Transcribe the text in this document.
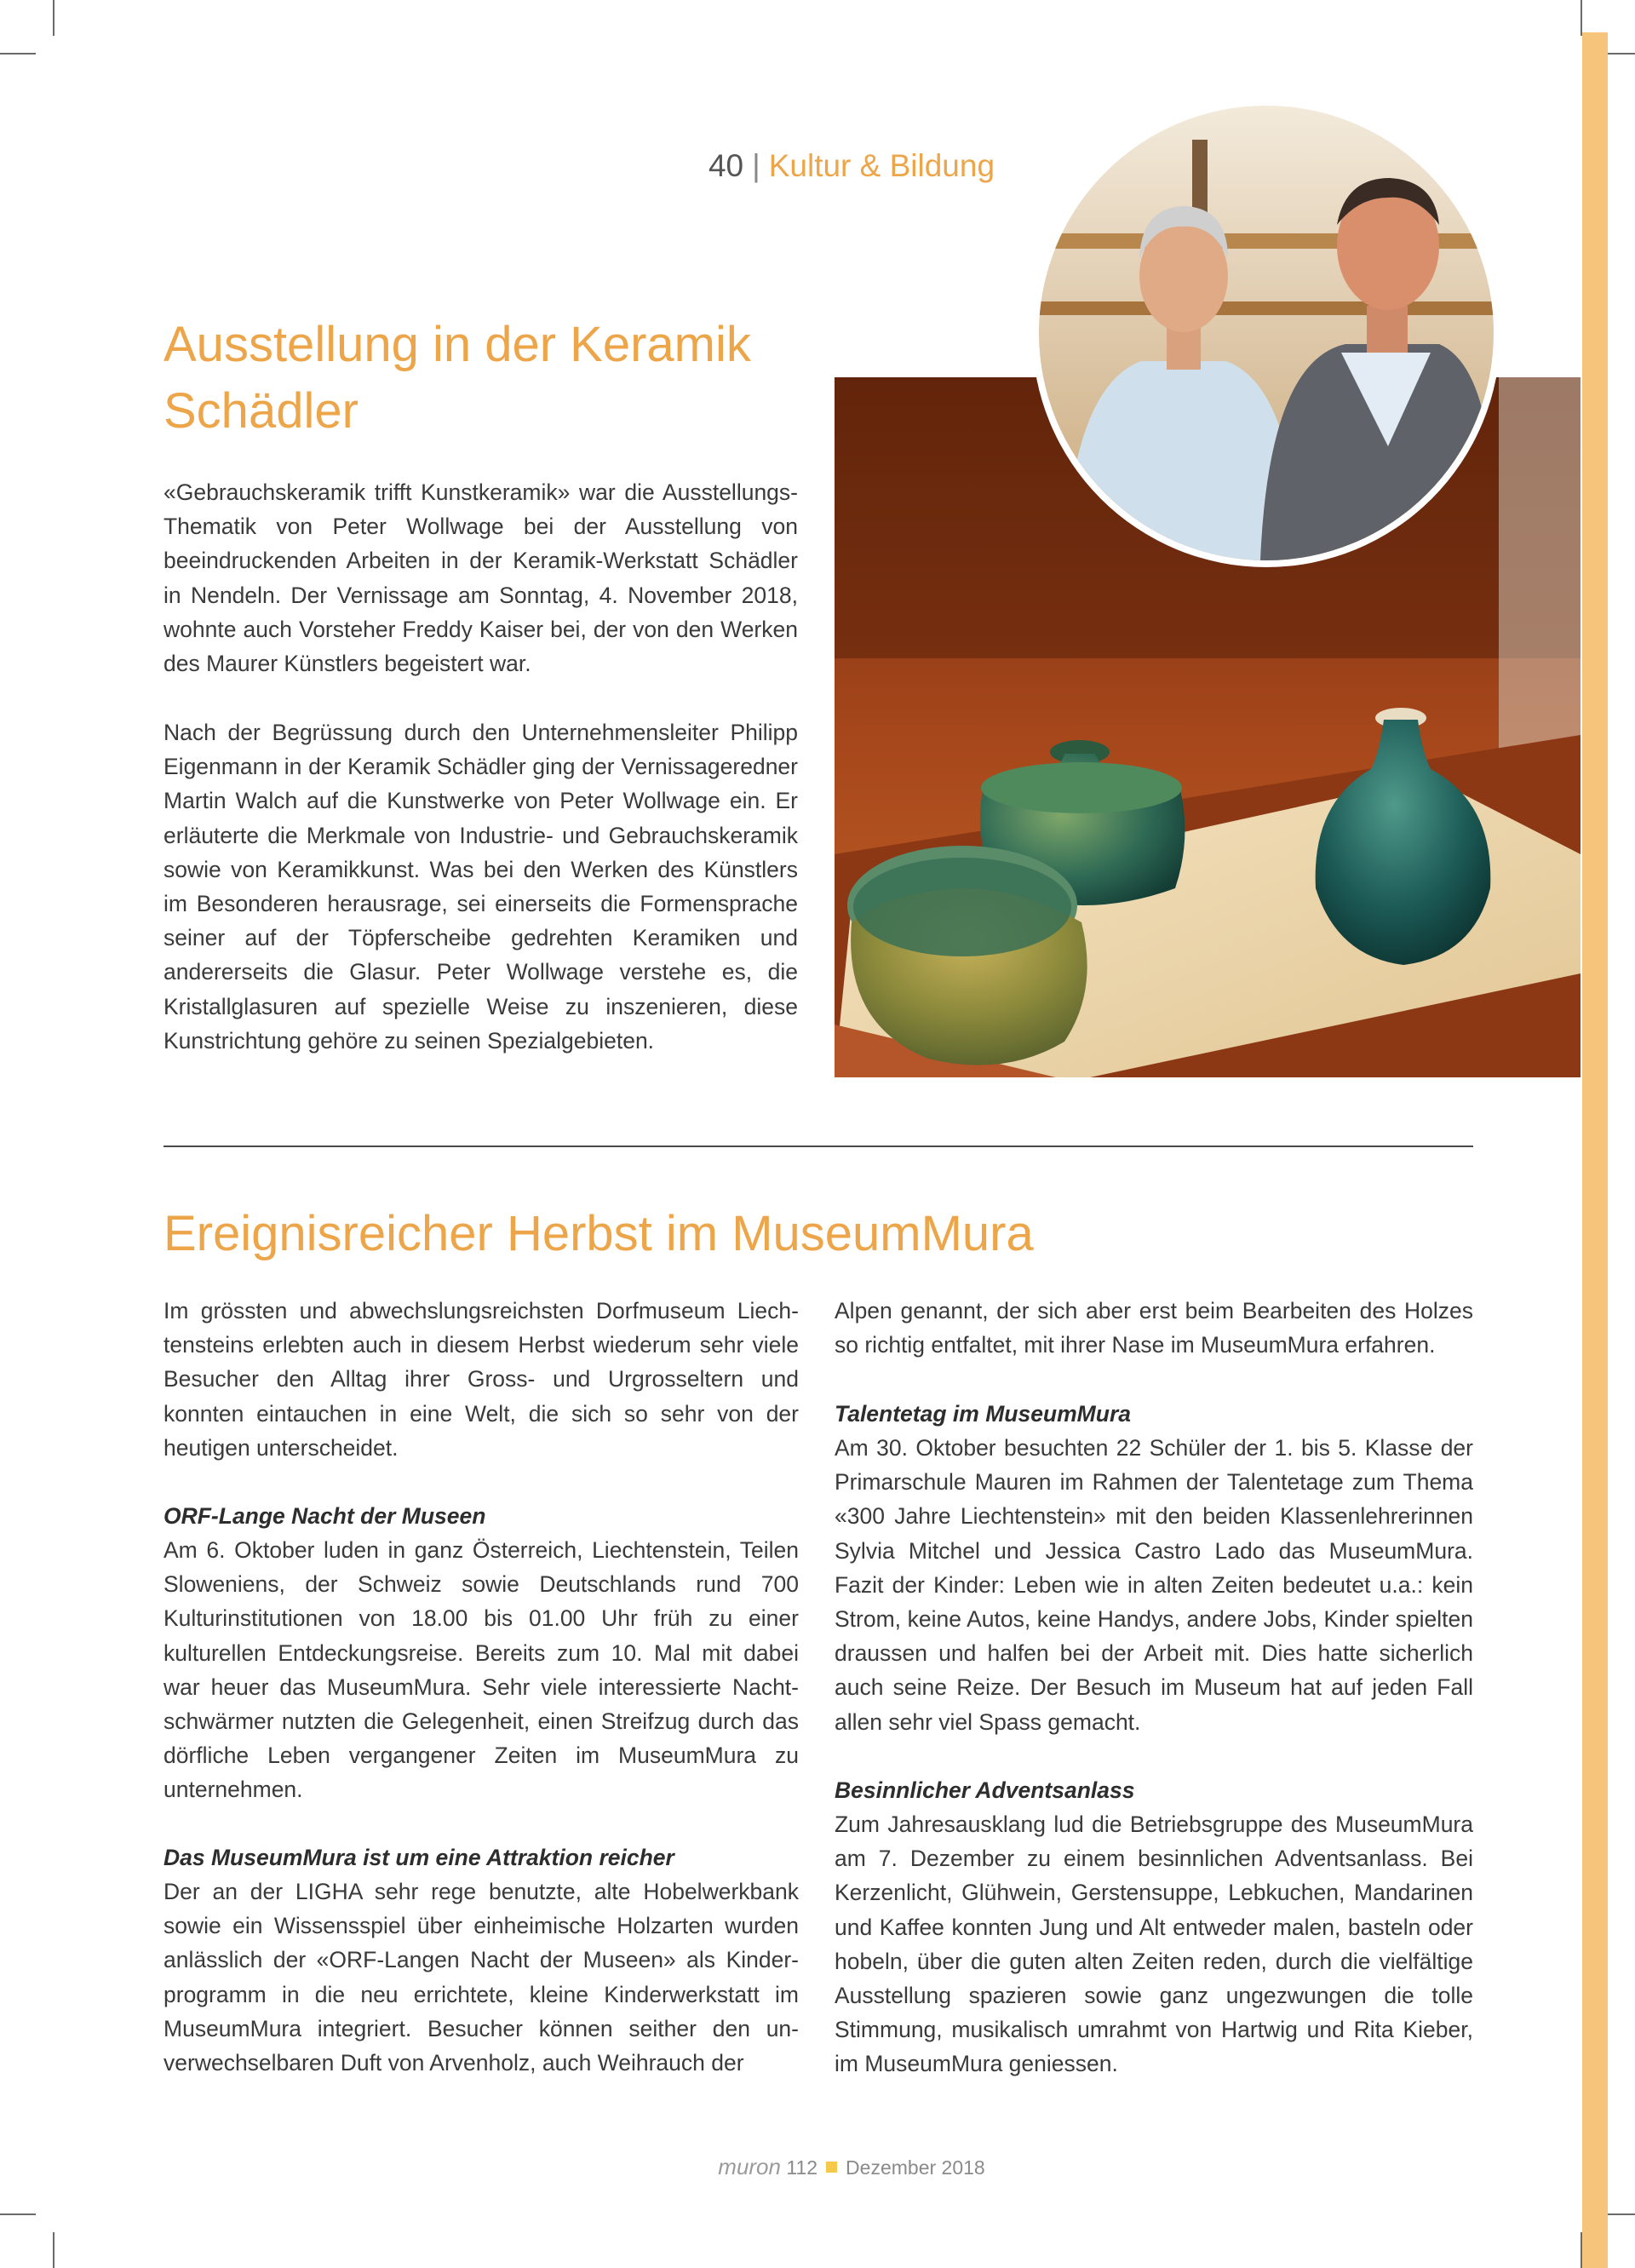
40 | Kultur & Bildung
Ausstellung in der Keramik
Schädler

«Gebrauchskeramik trifft Kunstkeramik» war die Ausstellungs-Thematik von Peter Wollwage bei der Ausstellung von beeindruckenden Arbeiten in der Keramik-Werkstatt Schädler in Nendeln. Der Vernissage am Sonntag, 4. November 2018, wohnte auch Vorsteher Freddy Kaiser bei, der von den Werken des Maurer Künstlers begeistert war.

Nach der Begrüssung durch den Unternehmensleiter Philipp Eigenmann in der Keramik Schädler ging der Vernissageredner Martin Walch auf die Kunstwerke von Peter Wollwage ein. Er erläuterte die Merkmale von Industrie- und Gebrauchskeramik sowie von Keramikkunst. Was bei den Werken des Künstlers im Besonderen herausrage, sei einerseits die Formensprache seiner auf der Töpferscheibe gedrehten Keramiken und andererseits die Glasur. Peter Wollwage verstehe es, die Kristallglasuren auf spezielle Weise zu inszenieren, diese Kunstrichtung gehöre zu seinen Spezialgebieten.

Ereignisreicher Herbst im MuseumMura

Im grössten und abwechslungsreichsten Dorfmuseum Liechtensteins erlebten auch in diesem Herbst wiederum sehr viele Besucher den Alltag ihrer Gross- und Urgrosseltern und konnten eintauchen in eine Welt, die sich so sehr von der heutigen unterscheidet.

ORF-Lange Nacht der Museen

Am 6. Oktober luden in ganz Österreich, Liechtenstein, Teilen Sloweniens, der Schweiz sowie Deutschlands rund 700 Kulturinstitutionen von 18.00 bis 01.00 Uhr früh zu einer kulturellen Entdeckungsreise. Bereits zum 10. Mal mit dabei war heuer das MuseumMura. Sehr viele interessierte Nachtschwärmer nutzten die Gelegenheit, einen Streifzug durch das dörfliche Leben vergangener Zeiten im MuseumMura zu unternehmen.

Das MuseumMura ist um eine Attraktion reicher

Der an der LIGHA sehr rege benutzte, alte Hobelwerkbank sowie ein Wissensspiel über einheimische Holzarten wurden anlässlich der «ORF-Langen Nacht der Museen» als Kinderprogramm in die neu errichtete, kleine Kinderwerkstatt im MuseumMura integriert. Besucher können seither den unverwechselbaren Duft von Arvenholz, auch Weihrauch der

Alpen genannt, der sich aber erst beim Bearbeiten des Holzes so richtig entfaltet, mit ihrer Nase im MuseumMura erfahren.

Talentetag im MuseumMura

Am 30. Oktober besuchten 22 Schüler der 1. bis 5. Klasse der Primarschule Mauren im Rahmen der Talentetage zum Thema «300 Jahre Liechtenstein» mit den beiden Klassenlehrerinnen Sylvia Mitchel und Jessica Castro Lado das MuseumMura. Fazit der Kinder: Leben wie in alten Zeiten bedeutet u.a.: kein Strom, keine Autos, keine Handys, andere Jobs, Kinder spielten draussen und halfen bei der Arbeit mit. Dies hatte sicherlich auch seine Reize. Der Besuch im Museum hat auf jeden Fall allen sehr viel Spass gemacht.

Besinnlicher Adventsanlass

Zum Jahresausklang lud die Betriebsgruppe des MuseumMura am 7. Dezember zu einem besinnlichen Adventsanlass. Bei Kerzenlicht, Glühwein, Gerstensuppe, Lebkuchen, Mandarinen und Kaffee konnten Jung und Alt entweder malen, basteln oder hobeln, über die guten alten Zeiten reden, durch die vielfältige Ausstellung spazieren sowie ganz ungezwungen die tolle Stimmung, musikalisch umrahmt von Hartwig und Rita Kieber, im MuseumMura geniessen.

muron 112 Dezember 2018
